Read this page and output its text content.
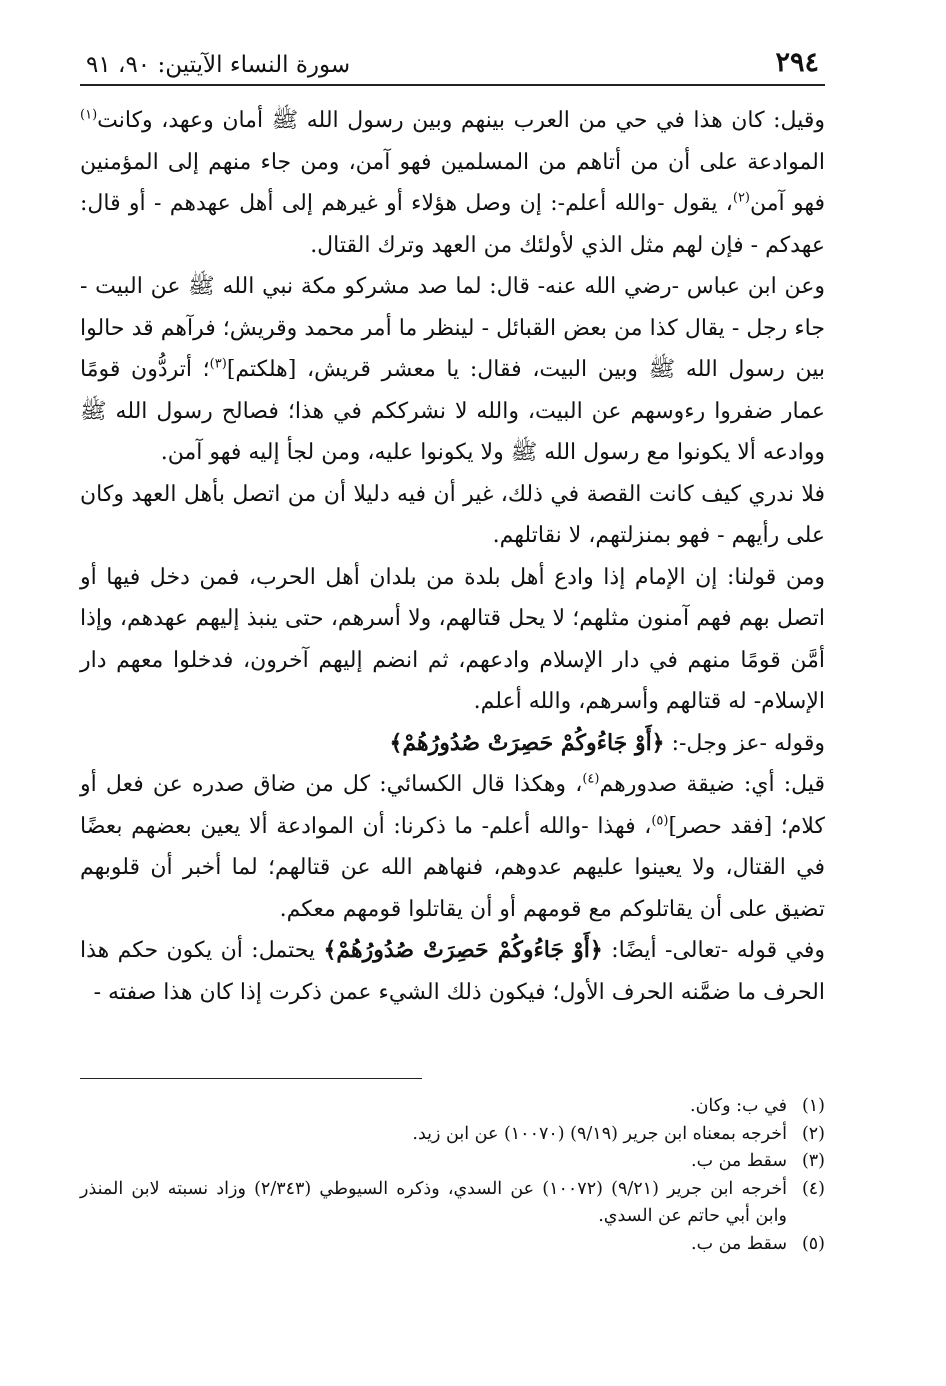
٢٩٤
سورة النساء الآيتين: ٩٠، ٩١

وقيل: كان هذا في حي من العرب بينهم وبين رسول الله ﷺ أمان وعهد، وكانت$^{(١)}$ الموادعة على أن من أتاهم من المسلمين فهو آمن، ومن جاء منهم إلى المؤمنين فهو آمن$^{(٢)}$، يقول -والله أعلم-: إن وصل هؤلاء أو غيرهم إلى أهل عهدهم - أو قال: عهدكم - فإن لهم مثل الذي لأولئك من العهد وترك القتال.

وعن ابن عباس -رضي الله عنه- قال: لما صد مشركو مكة نبي الله ﷺ عن البيت - جاء رجل - يقال كذا من بعض القبائل - لينظر ما أمر محمد وقريش؛ فرآهم قد حالوا بين رسول الله ﷺ وبين البيت، فقال: يا معشر قريش، [هلكتم]$^{(٣)}$؛ أتردُّون قومًا عمار ضفروا رءوسهم عن البيت، والله لا نشرككم في هذا؛ فصالح رسول الله ﷺ ووادعه ألا يكونوا مع رسول الله ﷺ ولا يكونوا عليه، ومن لجأ إليه فهو آمن.

فلا ندري كيف كانت القصة في ذلك، غير أن فيه دليلا أن من اتصل بأهل العهد وكان على رأيهم - فهو بمنزلتهم، لا نقاتلهم.

ومن قولنا: إن الإمام إذا وادع أهل بلدة من بلدان أهل الحرب، فمن دخل فيها أو اتصل بهم فهم آمنون مثلهم؛ لا يحل قتالهم، ولا أسرهم، حتى ينبذ إليهم عهدهم، وإذا أمَّن قومًا منهم في دار الإسلام وادعهم، ثم انضم إليهم آخرون، فدخلوا معهم دار الإسلام- له قتالهم وأسرهم، والله أعلم.

وقوله -عز وجل-: ﴿أَوْ جَاءُوكُمْ حَصِرَتْ صُدُورُهُمْ﴾

قيل: أي: ضيقة صدورهم$^{(٤)}$، وهكذا قال الكسائي: كل من ضاق صدره عن فعل أو كلام؛ [فقد حصر]$^{(٥)}$، فهذا -والله أعلم- ما ذكرنا: أن الموادعة ألا يعين بعضهم بعضًا في القتال، ولا يعينوا عليهم عدوهم، فنهاهم الله عن قتالهم؛ لما أخبر أن قلوبهم تضيق على أن يقاتلوكم مع قومهم أو أن يقاتلوا قومهم معكم.

وفي قوله -تعالى- أيضًا: ﴿أَوْ جَاءُوكُمْ حَصِرَتْ صُدُورُهُمْ﴾ يحتمل: أن يكون حكم هذا الحرف ما ضمَّنه الحرف الأول؛ فيكون ذلك الشيء عمن ذكرت إذا كان هذا صفته -

(١)
في ب: وكان.
(٢)
أخرجه بمعناه ابن جرير (٩/١٩) (١٠٠٧٠) عن ابن زيد.
(٣)
سقط من ب.
(٤)
أخرجه ابن جرير (٩/٢١) (١٠٠٧٢) عن السدي، وذكره السيوطي (٢/٣٤٣) وزاد نسبته لابن المنذر وابن أبي حاتم عن السدي.
(٥)
سقط من ب.
